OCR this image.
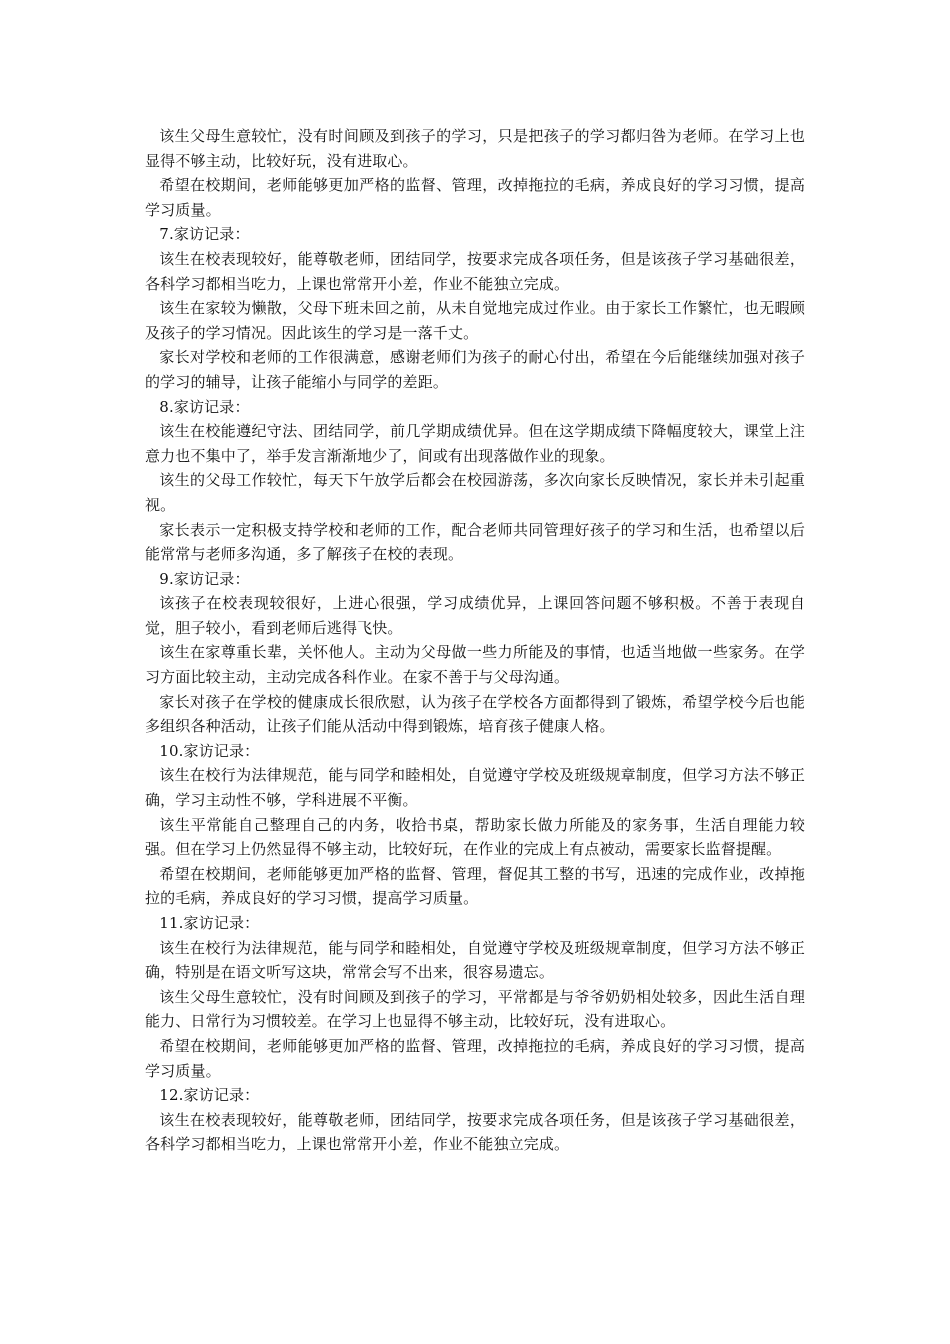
该生父母生意较忙，没有时间顾及到孩子的学习，只是把孩子的学习都归咎为老师。在学习上也显得不够主动，比较好玩，没有进取心。

希望在校期间，老师能够更加严格的监督、管理，改掉拖拉的毛病，养成良好的学习习惯，提高学习质量。

7.家访记录：

该生在校表现较好，能尊敬老师，团结同学，按要求完成各项任务，但是该孩子学习基础很差，各科学习都相当吃力，上课也常常开小差，作业不能独立完成。

该生在家较为懒散，父母下班未回之前，从未自觉地完成过作业。由于家长工作繁忙，也无暇顾及孩子的学习情况。因此该生的学习是一落千丈。

家长对学校和老师的工作很满意，感谢老师们为孩子的耐心付出，希望在今后能继续加强对孩子的学习的辅导，让孩子能缩小与同学的差距。

8.家访记录：

该生在校能遵纪守法、团结同学，前几学期成绩优异。但在这学期成绩下降幅度较大，课堂上注意力也不集中了，举手发言渐渐地少了，间或有出现落做作业的现象。

该生的父母工作较忙，每天下午放学后都会在校园游荡，多次向家长反映情况，家长并未引起重视。

家长表示一定积极支持学校和老师的工作，配合老师共同管理好孩子的学习和生活，也希望以后能常常与老师多沟通，多了解孩子在校的表现。

9.家访记录：

该孩子在校表现较很好，上进心很强，学习成绩优异，上课回答问题不够积极。不善于表现自觉，胆子较小，看到老师后逃得飞快。

该生在家尊重长辈，关怀他人。主动为父母做一些力所能及的事情，也适当地做一些家务。在学习方面比较主动，主动完成各科作业。在家不善于与父母沟通。

家长对孩子在学校的健康成长很欣慰，认为孩子在学校各方面都得到了锻炼，希望学校今后也能多组织各种活动，让孩子们能从活动中得到锻炼，培育孩子健康人格。

10.家访记录：

该生在校行为法律规范，能与同学和睦相处，自觉遵守学校及班级规章制度，但学习方法不够正确，学习主动性不够，学科进展不平衡。

该生平常能自己整理自己的内务，收拾书桌，帮助家长做力所能及的家务事，生活自理能力较强。但在学习上仍然显得不够主动，比较好玩，在作业的完成上有点被动，需要家长监督提醒。

希望在校期间，老师能够更加严格的监督、管理，督促其工整的书写，迅速的完成作业，改掉拖拉的毛病，养成良好的学习习惯，提高学习质量。

11.家访记录：

该生在校行为法律规范，能与同学和睦相处，自觉遵守学校及班级规章制度，但学习方法不够正确，特别是在语文听写这块，常常会写不出来，很容易遗忘。

该生父母生意较忙，没有时间顾及到孩子的学习，平常都是与爷爷奶奶相处较多，因此生活自理能力、日常行为习惯较差。在学习上也显得不够主动，比较好玩，没有进取心。

希望在校期间，老师能够更加严格的监督、管理，改掉拖拉的毛病，养成良好的学习习惯，提高学习质量。

12.家访记录：

该生在校表现较好，能尊敬老师，团结同学，按要求完成各项任务，但是该孩子学习基础很差，各科学习都相当吃力，上课也常常开小差，作业不能独立完成。
